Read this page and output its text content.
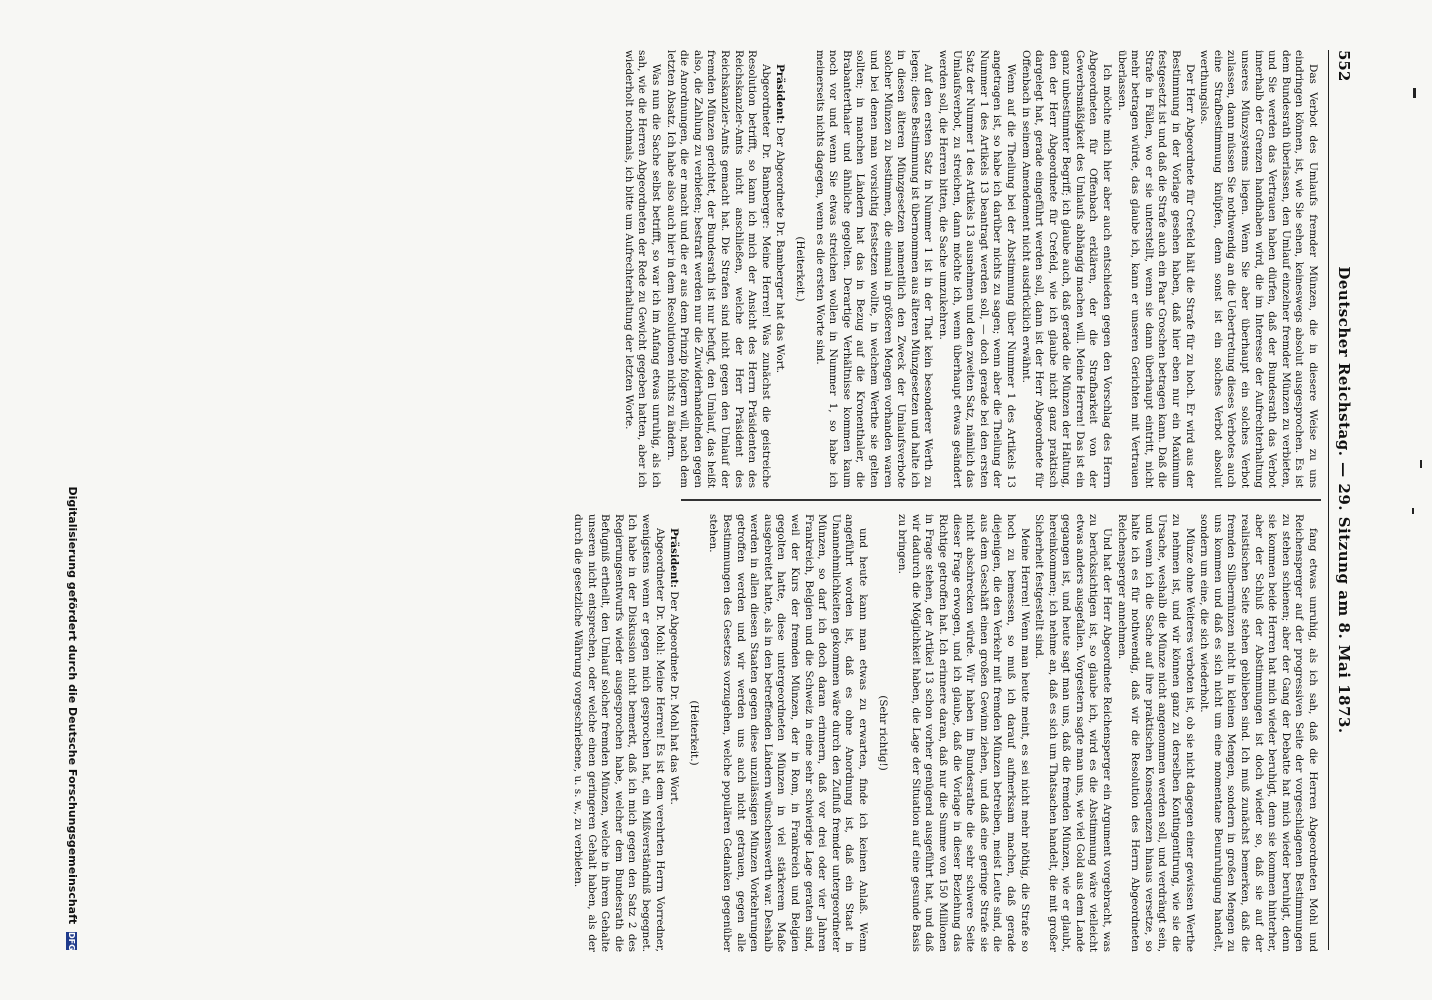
552
Deutscher Reichstag. — 29. Sitzung am 8. Mai 1873.

Das Verbot des Umlaufs fremder Münzen, die in diesere Weise zu uns eindringen können, ist, wie Sie sehen, keineswegs absolut ausgesprochen. Es ist dem Bundesrath überlassen, den Umlauf einzelner fremder Münzen zu verbieten, und Sie werden das Vertrauen haben dürfen, daß der Bundesrath das Verbot innerhalb der Grenzen handhaben wird, die im Interesse der Aufrechterhaltung unseres Münzsystems liegen. Wenn Sie aber überhaupt ein solches Verbot zulassen, dann müssen Sie nothwendig an die Uebertretung dieses Verbotes auch eine Strafbestimmung knüpfen, denn sonst ist ein solches Verbot absolut werthungslos.

Der Herr Abgeordnete für Crefeld hält die Strafe für zu hoch. Er wird aus der Bestimmung in der Vorlage gesehen haben, daß hier eben nur ein Maximum festgesetzt ist und daß die Strafe auch ein Paar Groschen betragen kann. Daß die Strafe in Fällen, wo er sie unterstellt, wenn sie dann überhaupt eintritt, nicht mehr betragen würde, das glaube ich, kann er unseren Gerichten mit Vertrauen überlassen.

Ich möchte mich hier aber auch entschieden gegen den Vorschlag des Herrn Abgeordneten für Offenbach erklären, der die Strafbarkeit von der Gewerbsmäßigkeit des Umlaufs abhängig machen will. Meine Herren! Das ist ein ganz unbestimmter Begriff; ich glaube auch, daß gerade die Münzen der Haltung, den der Herr Abgeordnete für Crefeld, wie ich glaube nicht ganz praktisch dargelegt hat, gerade eingeführt werden soll, dann ist der Herr Abgeordnete für Offenbach in seinem Amendement nicht ausdrücklich erwähnt.

Wenn auf die Theilung bei der Abstimmung über Nummer 1 des Artikels 13 angetragen ist, so habe ich darüber nichts zu sagen; wenn aber die Theilung der Nummer 1 des Artikels 13 beantragt werden soll, — doch gerade bei den ersten Satz der Nummer 1 des Artikels 13 ausnehmen und den zweiten Satz, nämlich das Umlaufsverbot, zu streichen, dann möchte ich, wenn überhaupt etwas geändert werden soll, die Herren bitten, die Sache umzukehren.

Auf den ersten Satz in Nummer 1 ist in der That kein besonderer Werth zu legen; diese Bestimmung ist übernommen aus älteren Münzgesetzen und halte ich in diesen älteren Münzgesetzen namentlich den Zweck der Umlaufsverbote solcher Münzen zu bestimmen, die einmal in größeren Mengen vorhanden waren und bei denen man vorsichtig festsetzen wollte, in welchem Werthe sie gelten sollten; in manchen Ländern hat das in Bezug auf die Kronenthaler, die Brabanterthaler und ähnliche gegolten. Derartige Verhältnisse kommen kaum noch vor und wenn Sie etwas streichen wollen in Nummer 1, so habe ich meinerseits nichts dagegen, wenn es die ersten Worte sind.

(Heiterkeit.)

Präsident: Der Abgeordnete Dr. Bamberger hat das Wort.

Abgeordneter Dr. Bamberger: Meine Herren! Was zunächst die geistreiche Resolution betrifft, so kann ich mich der Ansicht des Herrn Präsidenten des Reichskanzler-Amts nicht anschließen, welche der Herr Präsident des Reichskanzler-Amts gemacht hat. Die Strafen sind nicht gegen den Umlauf der fremden Münzen gerichtet, der Bundesrath ist nur befugt, den Umlauf, das heißt also, die Zahlung zu verbieten; bestraft werden nur die Zuwiderhandelnden gegen die Anordnungen, die er macht und die er aus dem Prinzip folgern will, nach dem letzten Absatz. Ich habe also auch hier in dem Resolutionen nichts zu ändern.

Was nun die Sache selbst betrifft, so war ich im Anfang etwas unruhig, als ich sah, wie die Herren Abgeordneten der Rede zu Gewicht gegeben hatten, aber ich wiederholt nochmals, ich bitte um Aufrechterhaltung der letzten Worte.

fang etwas unruhig, als ich sah, daß die Herren Abgeordneten Mohl und Reichensperger auf der progressiven Seite der vorgeschlagenen Bestimmungen zu stehen schienen; aber der Gang der Debatte hat mich wieder beruhigt, denn sie kommen beide Herren hat mich wieder beruhigt, denn sie kommen hinterher, aber der Schluß der Abstimmungen ist doch wieder so, daß sie auf der realistischen Seite stehen geblieben sind. Ich muß zunächst bemerken, daß die fremden Silbermünzen nicht in kleinen Mengen, sondern in großen Mengen zu uns kommen und daß es sich nicht um eine momentane Beunruhigung handelt, sondern um eine, die sich wiederholt.

Münze ohne Weiteres verboten ist, ob sie nicht dagegen einer gewissen Werthe zu nehmen ist, und wir können ganz zu derselben Kontingentirung, wie sie die Ursache, weshalb die Münze nicht angenommen werden soll, und verdrängt sein, und wenn ich die Sache auf ihre praktischen Konsequenzen hinaus versetze, so halte ich es für nothwendig, daß wir die Resolution des Herrn Abgeordneten Reichensperger annehmen.

Und hat der Herr Abgeordnete Reichensperger ein Argument vorgebracht, was zu berücksichtigen ist, so glaube ich, wird es die Abstimmung wäre vielleicht etwas anders ausgefallen. Vorgestern sagte man uns, wie viel Gold aus dem Lande gegangen ist, und heute sagt man uns, daß die fremden Münzen, wie er glaubt, hereinkommen; ich nehme an, daß es sich um Thatsachen handelt, die mit großer Sicherheit festgestellt sind.

Meine Herren! Wenn man heute meint, es sei nicht mehr nöthig, die Strafe so hoch zu bemessen, so muß ich darauf aufmerksam machen, daß gerade diejenigen, die den Verkehr mit fremden Münzen betreiben, meist Leute sind, die aus dem Geschäft einen großen Gewinn ziehen, und daß eine geringe Strafe sie nicht abschrecken würde. Wir haben im Bundesrathe die sehr schwere Seite dieser Frage erwogen, und ich glaube, daß die Vorlage in dieser Beziehung das Richtige getroffen hat. Ich erinnere daran, daß nur die Summe von 150 Millionen in Frage stehen, der Artikel 13 schon vorher genügend ausgeführt hat, und daß wir dadurch die Möglichkeit haben, die Lage der Situation auf eine gesunde Basis zu bringen.

(Sehr richtig!)

und heute kann man etwas zu erwarten, finde ich keinen Anlaß. Wenn angeführt worden ist, daß es ohne Anordnung ist, daß ein Staat in Unannehmlichkeiten gekommen wäre durch den Zufluß fremder untergeordneter Münzen, so darf ich doch daran erinnern, daß vor drei oder vier Jahren Frankreich, Belgien und die Schweiz in eine sehr schwierige Lage geraten sind, weil der Kurs der fremden Münzen, der in Rom, in Frankreich und Belgien gegolten hatte, diese untergeordneten Münzen in viel stärkerem Maße ausgebreitet hatte, als in den betreffenden Ländern wünschenswerth war. Deshalb werden in allen diesen Staaten gegen diese unzulässigen Münzen Vorkehrungen getroffen werden und wir werden uns auch nicht getrauen, gegen alle Bestimmungen des Gesetzes vorzugehen, welche populären Gedanken gegenüber stehen.

(Heiterkeit.)

Präsident: Der Abgeordnete Dr. Mohl hat das Wort.

Abgeordneter Dr. Mohl: Meine Herren! Es ist dem verehrten Herrn Vorredner, wenigstens wenn er gegen mich gesprochen hat, ein Mißverständniß begegnet. Ich habe in der Diskussion nicht bemerkt, daß ich mich gegen den Satz 2 des Regierungsentwurfs wieder ausgesprochen habe, welcher dem Bundesrath die Befugniß ertheilt, den Umlauf solcher fremden Münzen, welche in ihrem Gehalte unseren nicht entsprechen, oder welche einen geringeren Gehalt haben, als der durch die gesetzliche Währung vorgeschriebene, u. s. w., zu verbieten.

Digitalisierung gefördert durch die Deutsche Forschungsgemeinschaft DFG
